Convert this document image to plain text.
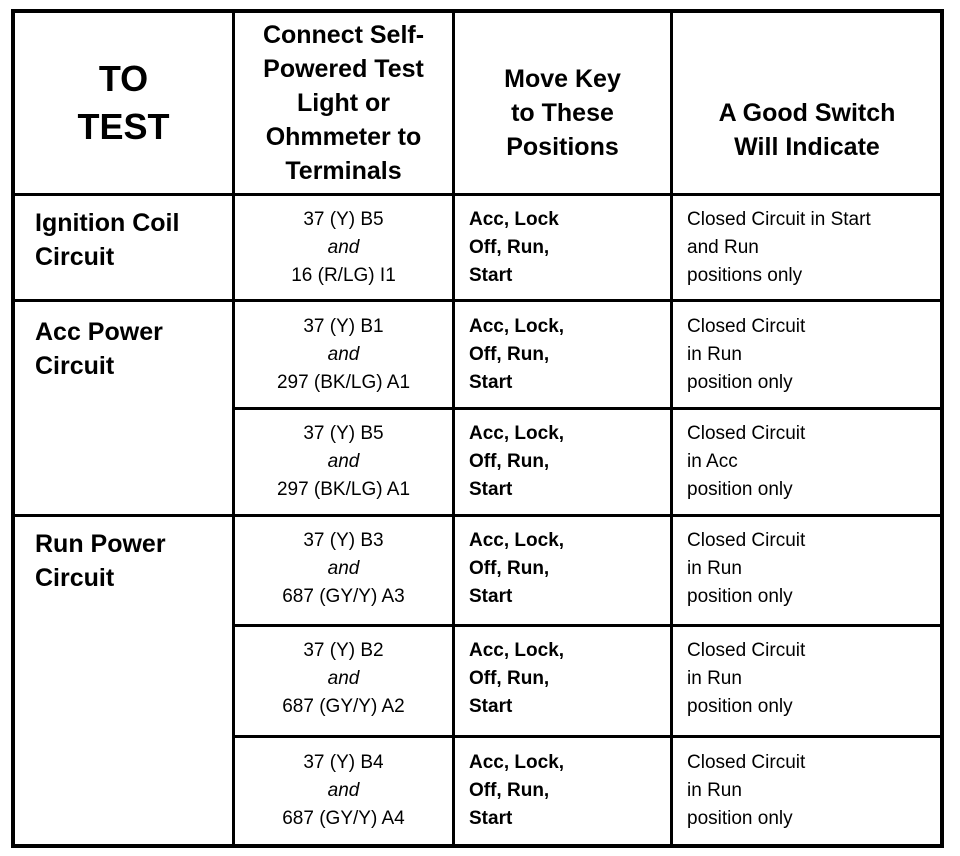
TO
TEST
Connect Self-
Powered Test
Light or
Ohmmeter to
Terminals
Move Key
to These
Positions
A Good Switch
Will Indicate
Ignition Coil
Circuit
Acc Power
Circuit
Run Power
Circuit
37 (Y) B5
and
16 (R/LG) I1
Acc, Lock
Off, Run,
Start
Closed Circuit in Start
and Run
positions only
37 (Y) B1
and
297 (BK/LG) A1
Acc, Lock,
Off, Run,
Start
Closed Circuit
in Run
position only
37 (Y) B5
and
297 (BK/LG) A1
Acc, Lock,
Off, Run,
Start
Closed Circuit
in Acc
position only
37 (Y) B3
and
687 (GY/Y) A3
Acc, Lock,
Off, Run,
Start
Closed Circuit
in Run
position only
37 (Y) B2
and
687 (GY/Y) A2
Acc, Lock,
Off, Run,
Start
Closed Circuit
in Run
position only
37 (Y) B4
and
687 (GY/Y) A4
Acc, Lock,
Off, Run,
Start
Closed Circuit
in Run
position only
